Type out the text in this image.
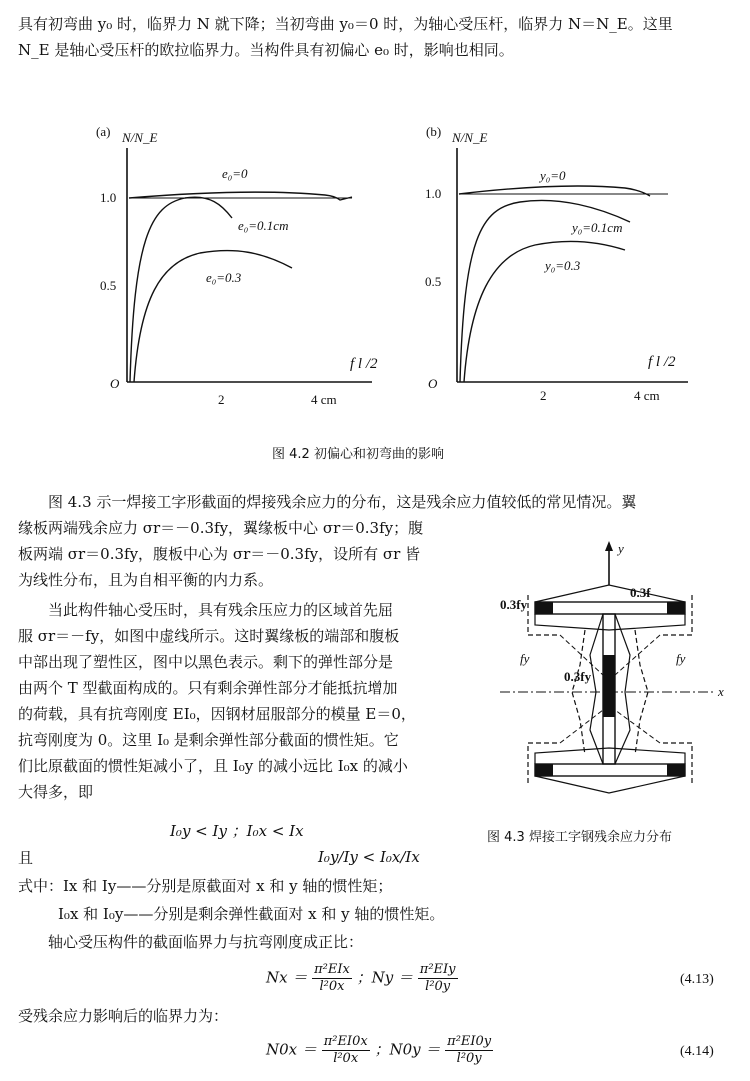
具有初弯曲 y₀ 时，临界力 N 就下降；当初弯曲 y₀＝0 时，为轴心受压杆，临界力 N＝N_E。这里
N_E 是轴心受压杆的欧拉临界力。当构件具有初偏心 e₀ 时，影响也相同。
(a) N/N_E
O
1.0
0.5
2	4 cm
f l /2
e₀=0
e₀=0.1cm
e₀=0.3
(b) N/N_E
O
1.0
0.5
2	4 cm
f l /2
y₀=0
y₀=0.1cm
y₀=0.3
图 4.2 初偏心和初弯曲的影响
图 4.3 示一焊接工字形截面的焊接残余应力的分布，这是残余应力值较低的常见情况。翼
缘板两端残余应力 σr＝－0.3fy，翼缘板中心 σr＝0.3fy；腹
板两端 σr＝0.3fy，腹板中心为 σr＝－0.3fy，设所有 σr 皆
为线性分布，且为自相平衡的内力系。
当此构件轴心受压时，具有残余压应力的区域首先屈
服 σr＝－fy，如图中虚线所示。这时翼缘板的端部和腹板
中部出现了塑性区，图中以黑色表示。剩下的弹性部分是
由两个 T 型截面构成的。只有剩余弹性部分才能抵抗增加
的荷载，具有抗弯刚度 EI₀，因钢材屈服部分的模量 E＝0，
抗弯刚度为 0。这里 I₀ 是剩余弹性部分截面的惯性矩。它
们比原截面的惯性矩减小了，且 I₀y 的减小远比 I₀x 的减小
大得多，即
y
x
0.3fy
0.3f
fy	fy
0.3fy
图 4.3 焊接工字钢残余应力分布
I₀y < Iy ；I₀x < Ix
且	I₀y/Iy < I₀x/Ix
式中：Ix 和 Iy——分别是原截面对 x 和 y 轴的惯性矩；
I₀x 和 I₀y——分别是剩余弹性截面对 x 和 y 轴的惯性矩。
轴心受压构件的截面临界力与抗弯刚度成正比：
$Nx = \frac{\text{π²EIx}}{\text{l²0x}}$ ；$Ny = \frac{\text{π²EIy}}{\text{l²0y}}$	(4.13)
受残余应力影响后的临界力为：
$N0x = \frac{\text{π²EI0x}}{\text{l²0x}}$ ；$N0y = \frac{\text{π²EI0y}}{\text{l²0y}}$	(4.14)
